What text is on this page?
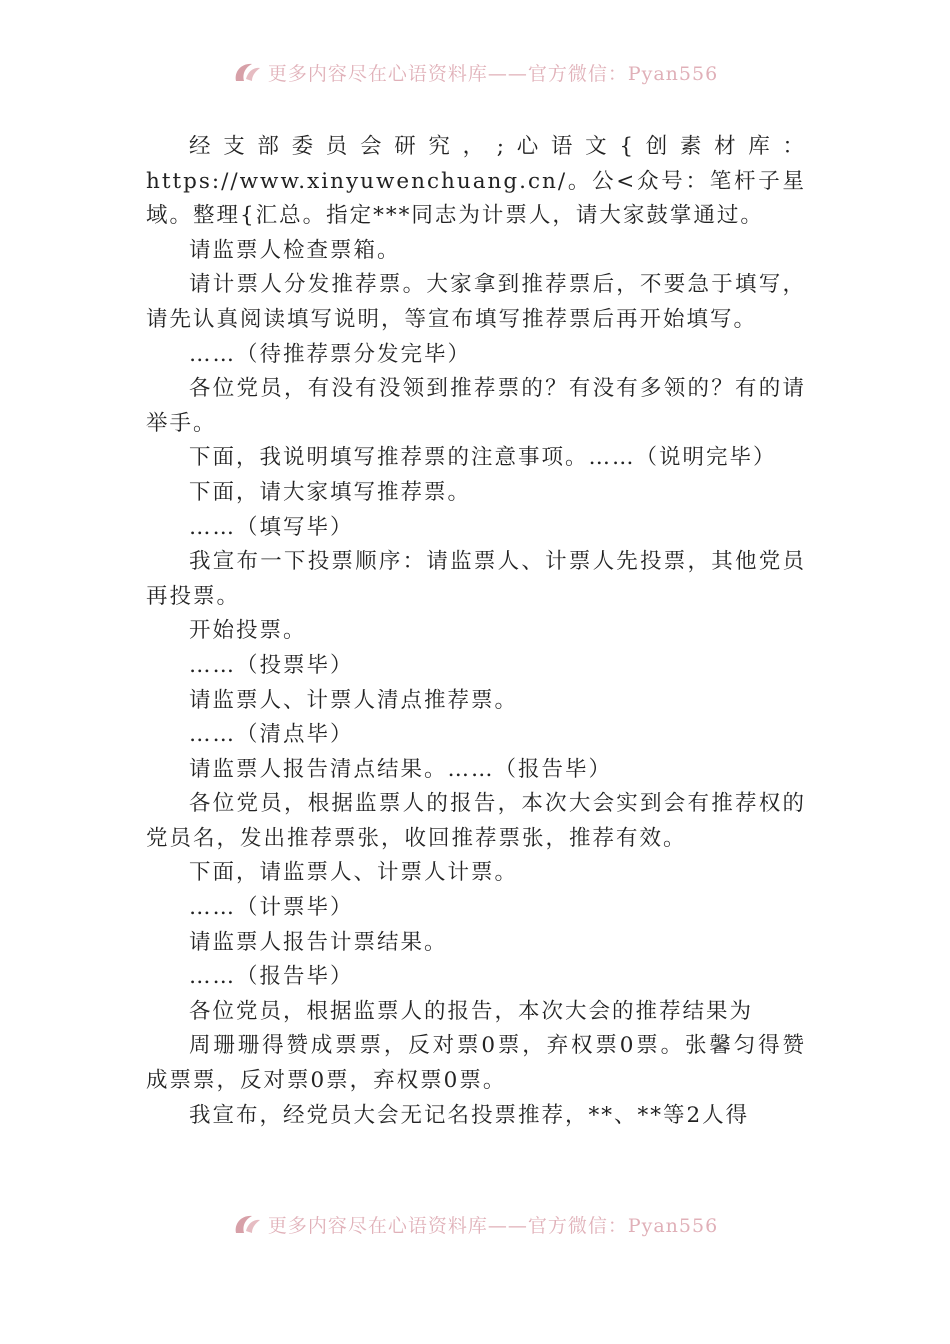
更多内容尽在心语资料库——官方微信：Pyan556

经支部委员会研究，;心语文{创素材库：https://www.xinyuwenchuang.cn/。公<众号：笔杆子星域。整理{汇总。指定***同志为计票人，请大家鼓掌通过。

请监票人检查票箱。

请计票人分发推荐票。大家拿到推荐票后，不要急于填写，请先认真阅读填写说明，等宣布填写推荐票后再开始填写。

……（待推荐票分发完毕）

各位党员，有没有没领到推荐票的？有没有多领的？有的请举手。

下面，我说明填写推荐票的注意事项。……（说明完毕）

下面，请大家填写推荐票。

……（填写毕）

我宣布一下投票顺序：请监票人、计票人先投票，其他党员再投票。

开始投票。

……（投票毕）

请监票人、计票人清点推荐票。

……（清点毕）

请监票人报告清点结果。……（报告毕）

各位党员，根据监票人的报告，本次大会实到会有推荐权的党员名，发出推荐票张，收回推荐票张，推荐有效。

下面，请监票人、计票人计票。

……（计票毕）

请监票人报告计票结果。

……（报告毕）

各位党员，根据监票人的报告，本次大会的推荐结果为

周珊珊得赞成票票，反对票0票，弃权票0票。张馨匀得赞成票票，反对票0票，弃权票0票。

我宣布，经党员大会无记名投票推荐，**、**等2人得

更多内容尽在心语资料库——官方微信：Pyan556
